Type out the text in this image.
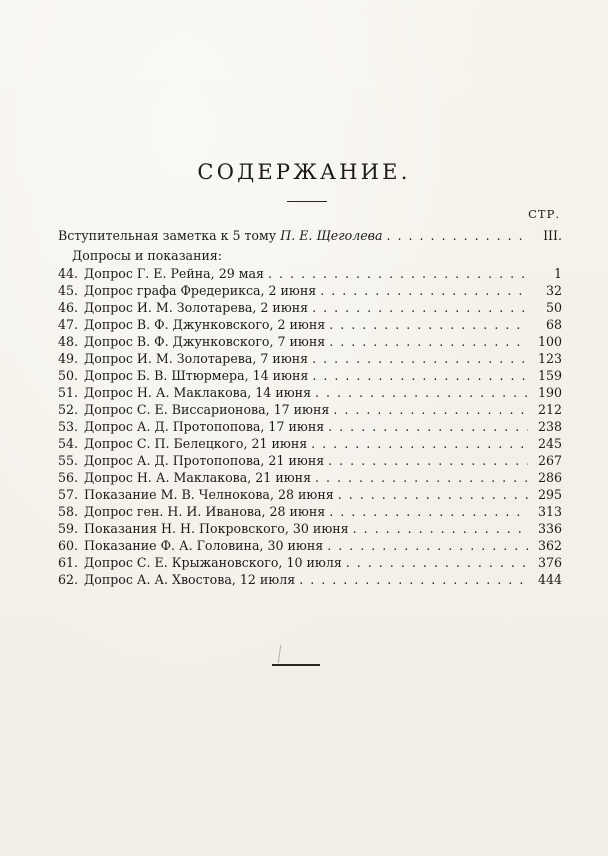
СОДЕРЖАНИЕ.
СТР.
Вступительная заметка к 5 тому П. Е. Щеголева . . .	III.
Допросы и показания:
44. Допрос Г. Е. Рейна, 29 мая . . .	1
45. Допрос графа Фредерикса, 2 июня . . .	32
46. Допрос И. М. Золотарева, 2 июня . . .	50
47. Допрос В. Ф. Джунковского, 2 июня . . .	68
48. Допрос В. Ф. Джунковского, 7 июня . . .	100
49. Допрос И. М. Золотарева, 7 июня . . .	123
50. Допрос Б. В. Штюрмера, 14 июня . . .	159
51. Допрос Н. А. Маклакова, 14 июня . . .	190
52. Допрос С. Е. Виссарионова, 17 июня . . .	212
53. Допрос А. Д. Протопопова, 17 июня . . .	238
54. Допрос С. П. Белецкого, 21 июня . . .	245
55. Допрос А. Д. Протопопова, 21 июня . . .	267
56. Допрос Н. А. Маклакова, 21 июня . . .	286
57. Показание М. В. Челнокова, 28 июня . . .	295
58. Допрос ген. Н. И. Иванова, 28 июня . . .	313
59. Показания Н. Н. Покровского, 30 июня . . .	336
60. Показание Ф. А. Головина, 30 июня . . .	362
61. Допрос С. Е. Крыжановского, 10 июля . . .	376
62. Допрос А. А. Хвостова, 12 июля . . .	444
